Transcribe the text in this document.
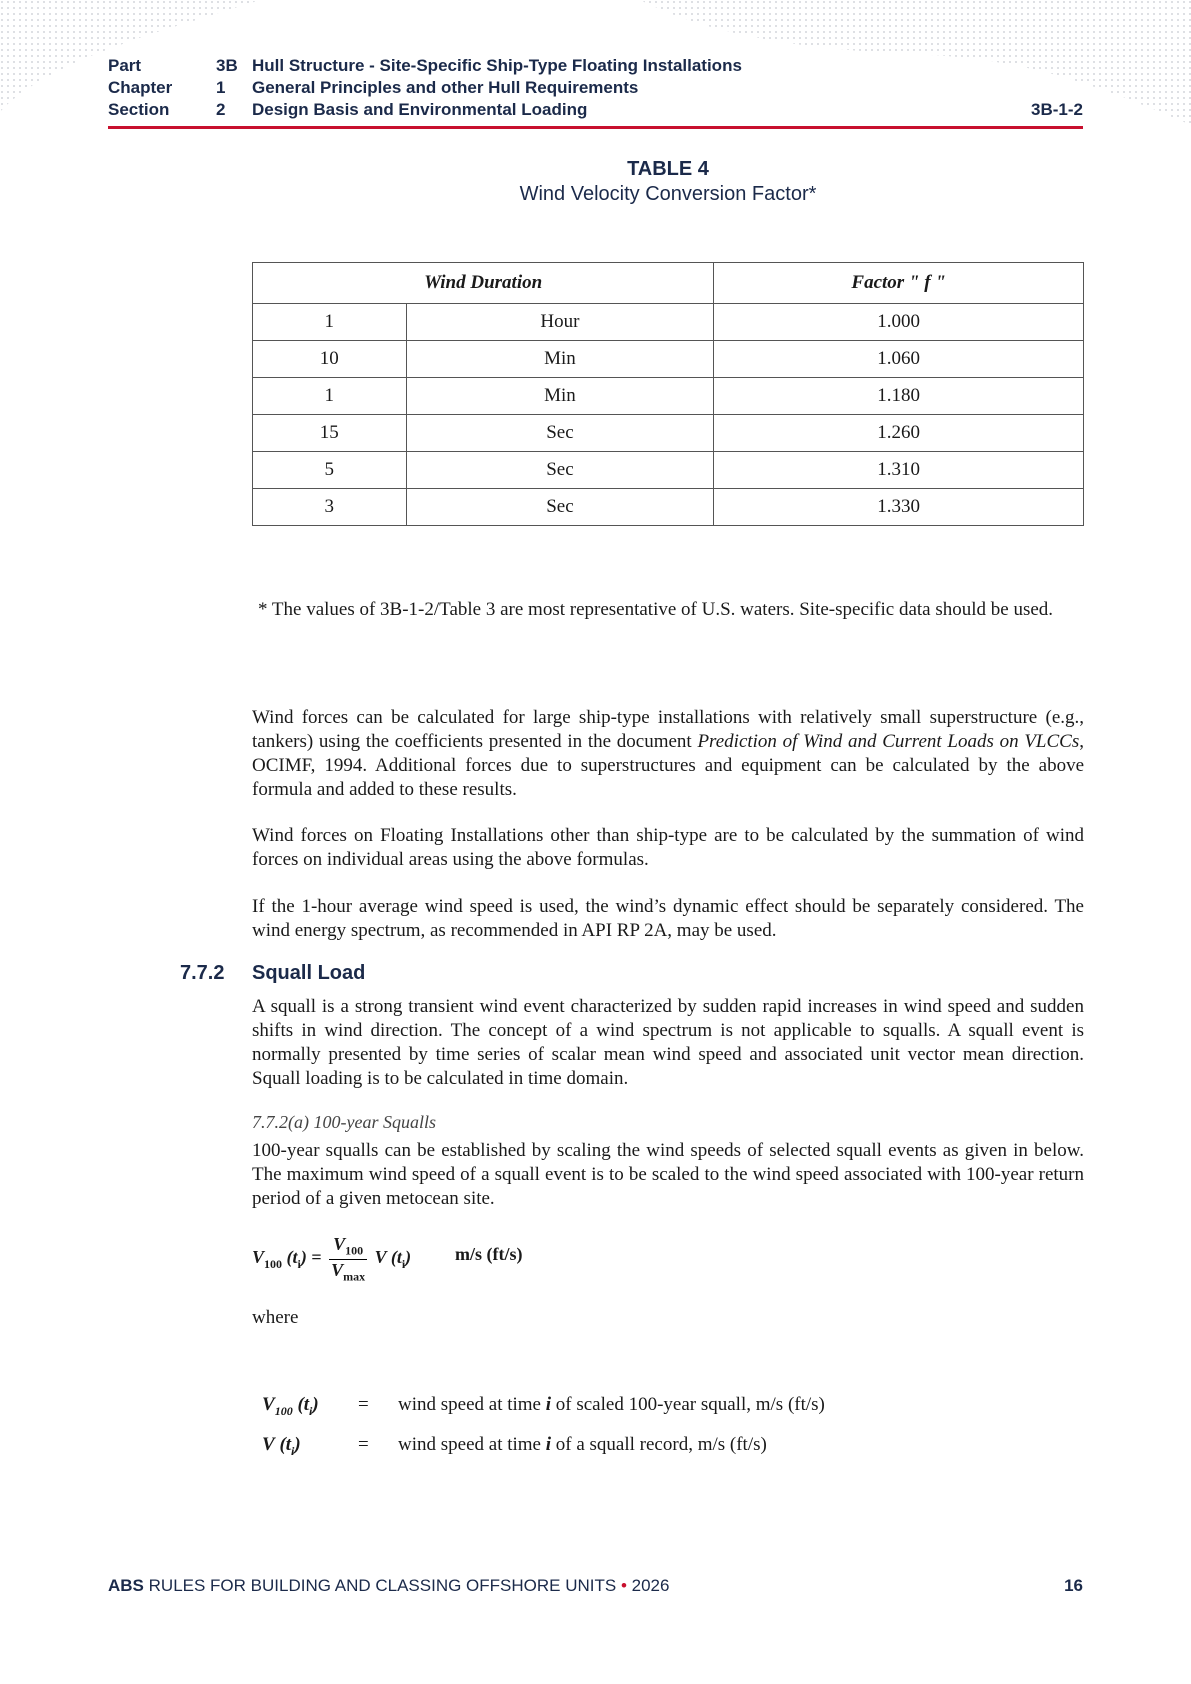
Part	3B Hull Structure - Site-Specific Ship-Type Floating Installations
Chapter	1	General Principles and other Hull Requirements
Section	2	Design Basis and Environmental Loading	3B-1-2
TABLE 4
Wind Velocity Conversion Factor*
Wind Duration		Factor " f "
1	Hour	1.000
10	Min	1.060
1	Min	1.180
15	Sec	1.260
5	Sec	1.310
3	Sec	1.330

* The values of 3B-1-2/Table 3 are most representative of U.S. waters. Site-specific data should be used.

Wind forces can be calculated for large ship-type installations with relatively small superstructure (e.g., tankers) using the coefficients presented in the document Prediction of Wind and Current Loads on VLCCs, OCIMF, 1994. Additional forces due to superstructures and equipment can be calculated by the above formula and added to these results.

Wind forces on Floating Installations other than ship-type are to be calculated by the summation of wind forces on individual areas using the above formulas.

If the 1-hour average wind speed is used, the wind’s dynamic effect should be separately considered. The wind energy spectrum, as recommended in API RP 2A, may be used.

7.7.2 Squall Load

A squall is a strong transient wind event characterized by sudden rapid increases in wind speed and sudden shifts in wind direction. The concept of a wind spectrum is not applicable to squalls. A squall event is normally presented by time series of scalar mean wind speed and associated unit vector mean direction. Squall loading is to be calculated in time domain.

7.7.2(a) 100-year Squalls

100-year squalls can be established by scaling the wind speeds of selected squall events as given in below. The maximum wind speed of a squall event is to be scaled to the wind speed associated with 100-year return period of a given metocean site.

$V_{100}$ $(t_i) = \frac{V_{100}}{V_{max}}$ V $(t_i)$ m/s (ft/s)
where
$V_{100}$ $(t_i)$ = wind speed at time i of scaled 100-year squall, m/s (ft/s)
V $(t_i)$	= wind speed at time i of a squall record, m/s (ft/s)
ABS RULES FOR BUILDING AND CLASSING OFFSHORE UNITS • 2026	16
